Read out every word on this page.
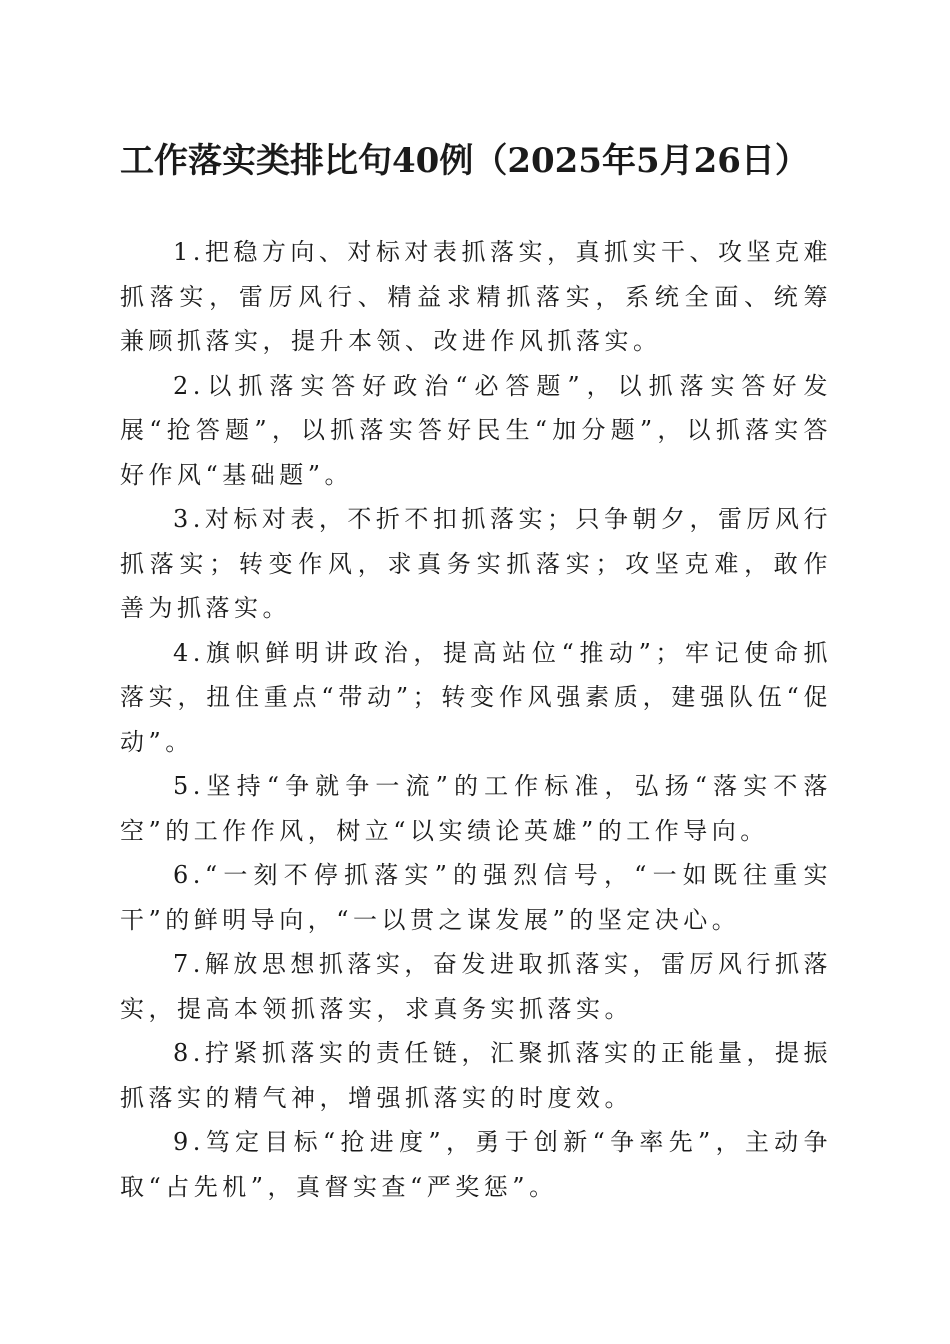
工作落实类排比句40例（2025年5月26日）

1.把稳方向、对标对表抓落实，真抓实干、攻坚克难抓落实，雷厉风行、精益求精抓落实，系统全面、统筹兼顾抓落实，提升本领、改进作风抓落实。

2.以抓落实答好政治“必答题”，以抓落实答好发展“抢答题”，以抓落实答好民生“加分题”，以抓落实答好作风“基础题”。

3.对标对表，不折不扣抓落实；只争朝夕，雷厉风行抓落实；转变作风，求真务实抓落实；攻坚克难，敢作善为抓落实。

4.旗帜鲜明讲政治，提高站位“推动”；牢记使命抓落实，扭住重点“带动”；转变作风强素质，建强队伍“促动”。

5.坚持“争就争一流”的工作标准，弘扬“落实不落空”的工作作风，树立“以实绩论英雄”的工作导向。

6.“一刻不停抓落实”的强烈信号，“一如既往重实干”的鲜明导向，“一以贯之谋发展”的坚定决心。

7.解放思想抓落实，奋发进取抓落实，雷厉风行抓落实，提高本领抓落实，求真务实抓落实。

8.拧紧抓落实的责任链，汇聚抓落实的正能量，提振抓落实的精气神，增强抓落实的时度效。

9.笃定目标“抢进度”，勇于创新“争率先”，主动争取“占先机”，真督实查“严奖惩”。
